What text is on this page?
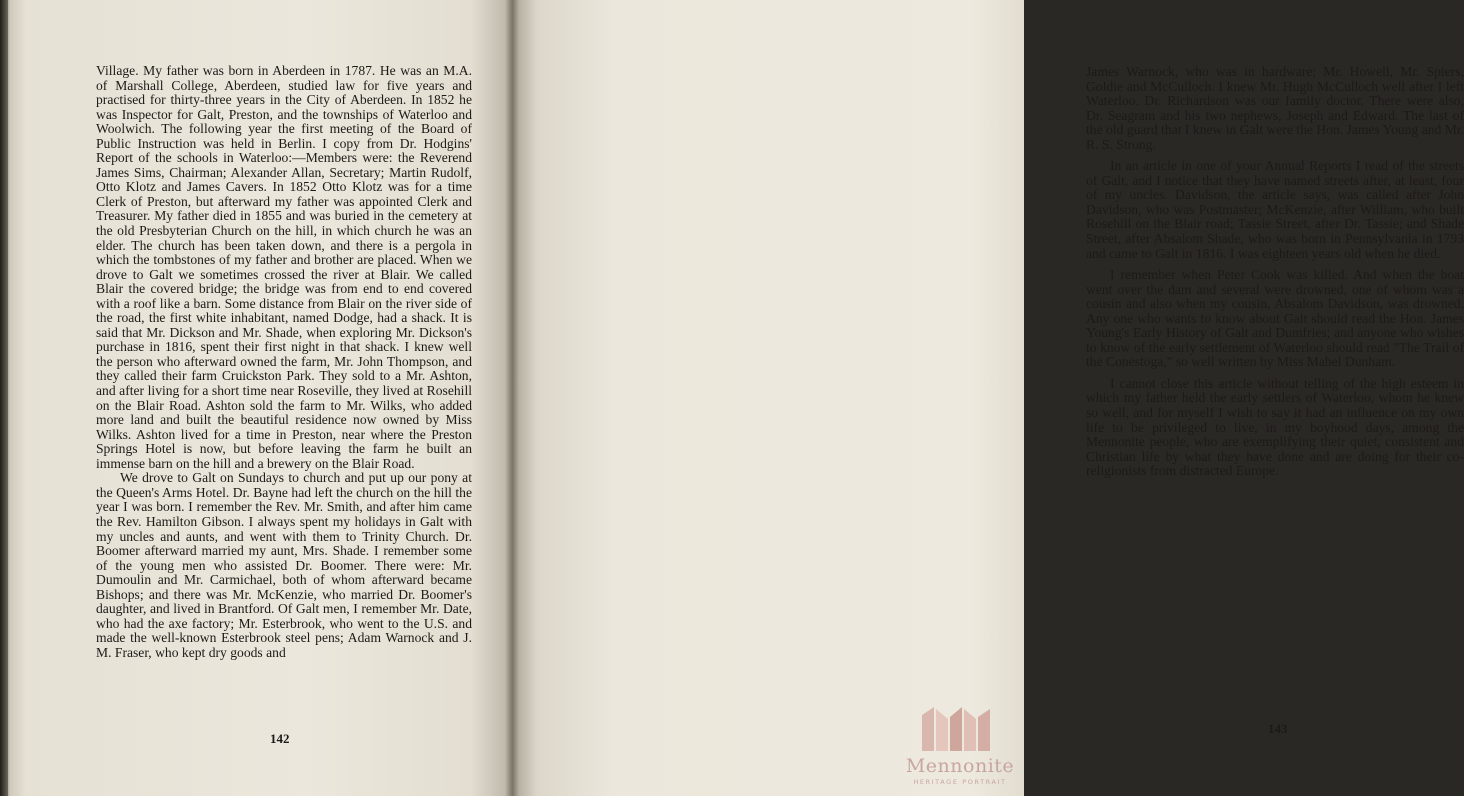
Village. My father was born in Aberdeen in 1787. He was an M.A. of Marshall College, Aberdeen, studied law for five years and practised for thirty-three years in the City of Aberdeen. In 1852 he was Inspector for Galt, Preston, and the townships of Waterloo and Woolwich. The following year the first meeting of the Board of Public Instruction was held in Berlin. I copy from Dr. Hodgins' Report of the schools in Waterloo:—Members were: the Reverend James Sims, Chairman; Alexander Allan, Secretary; Martin Rudolf, Otto Klotz and James Cavers. In 1852 Otto Klotz was for a time Clerk of Preston, but afterward my father was appointed Clerk and Treasurer. My father died in 1855 and was buried in the cemetery at the old Presbyterian Church on the hill, in which church he was an elder. The church has been taken down, and there is a pergola in which the tombstones of my father and brother are placed. When we drove to Galt we sometimes crossed the river at Blair. We called Blair the covered bridge; the bridge was from end to end covered with a roof like a barn. Some distance from Blair on the river side of the road, the first white inhabitant, named Dodge, had a shack. It is said that Mr. Dickson and Mr. Shade, when exploring Mr. Dickson's purchase in 1816, spent their first night in that shack. I knew well the person who afterward owned the farm, Mr. John Thompson, and they called their farm Cruickston Park. They sold to a Mr. Ashton, and after living for a short time near Roseville, they lived at Rosehill on the Blair Road. Ashton sold the farm to Mr. Wilks, who added more land and built the beautiful residence now owned by Miss Wilks. Ashton lived for a time in Preston, near where the Preston Springs Hotel is now, but before leaving the farm he built an immense barn on the hill and a brewery on the Blair Road.

We drove to Galt on Sundays to church and put up our pony at the Queen's Arms Hotel. Dr. Bayne had left the church on the hill the year I was born. I remember the Rev. Mr. Smith, and after him came the Rev. Hamilton Gibson. I always spent my holidays in Galt with my uncles and aunts, and went with them to Trinity Church. Dr. Boomer afterward married my aunt, Mrs. Shade. I remember some of the young men who assisted Dr. Boomer. There were: Mr. Dumoulin and Mr. Carmichael, both of whom afterward became Bishops; and there was Mr. McKenzie, who married Dr. Boomer's daughter, and lived in Brantford. Of Galt men, I remember Mr. Date, who had the axe factory; Mr. Esterbrook, who went to the U.S. and made the well-known Esterbrook steel pens; Adam Warnock and J. M. Fraser, who kept dry goods and

142

James Warnock, who was in hardware; Mr. Howell, Mr. Spiers, Goldie and McCulloch. I knew Mr. Hugh McCulloch well after I left Waterloo. Dr. Richardson was our family doctor. There were also, Dr. Seagram and his two nephews, Joseph and Edward. The last of the old guard that I knew in Galt were the Hon. James Young and Mr. R. S. Strong.

In an article in one of your Annual Reports I read of the streets of Galt, and I notice that they have named streets after, at least, four of my uncles. Davidson, the article says, was called after John Davidson, who was Postmaster; McKenzie, after William, who built Rosehill on the Blair road; Tassie Street, after Dr. Tassie; and Shade Street, after Absalom Shade, who was born in Pennsylvania in 1793 and came to Galt in 1816. I was eighteen years old when he died.

I remember when Peter Cook was killed. And when the boat went over the dam and several were drowned, one of whom was a cousin and also when my cousin, Absalom Davidson, was drowned. Any one who wants to know about Galt should read the Hon. James Young's Early History of Galt and Dumfries; and anyone who wishes to know of the early settlement of Waterloo should read "The Trail of the Conestoga," so well written by Miss Mabel Dunham.

I cannot close this article without telling of the high esteem in which my father held the early settlers of Waterloo, whom he knew so well, and for myself I wish to say it had an influence on my own life to be privileged to live, in my boyhood days, among the Mennonite people, who are exemplifying their quiet, consistent and Christian life by what they have done and are doing for their co-religionists from distracted Europe.

143
Mennonite
HERITAGE PORTRAIT
